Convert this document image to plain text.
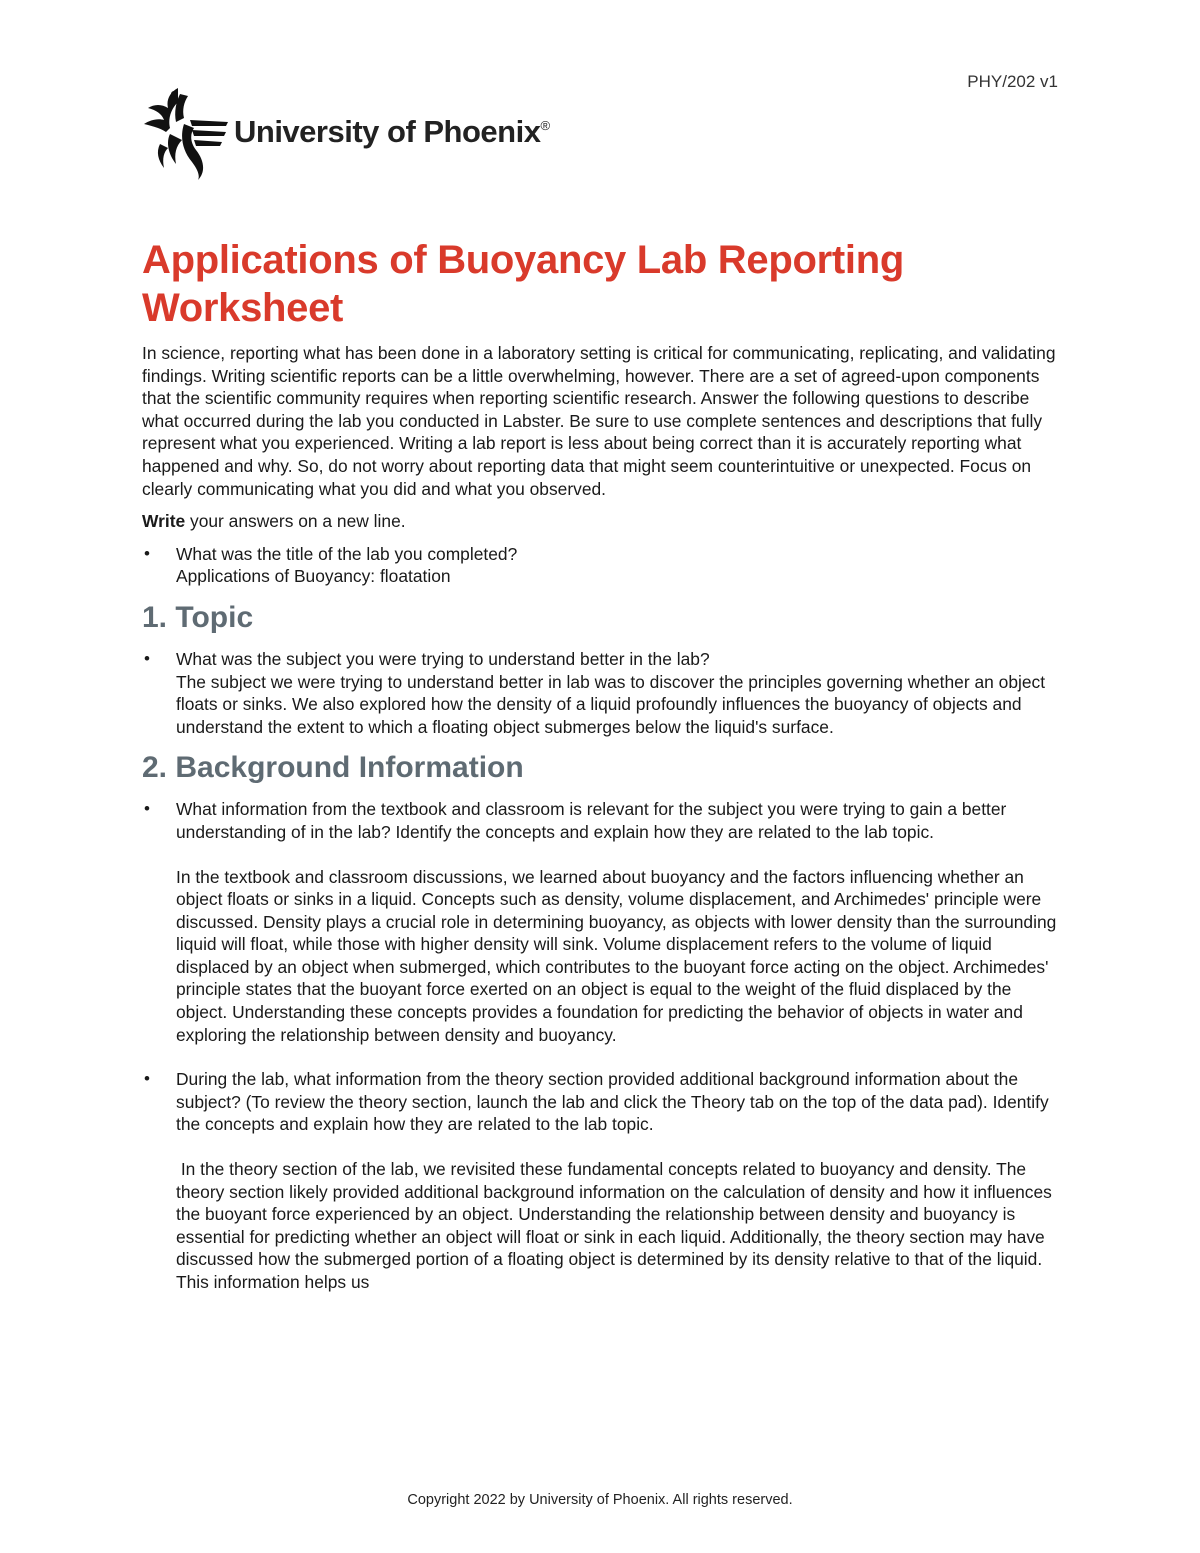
PHY/202 v1
University of Phoenix®
Applications of Buoyancy Lab Reporting Worksheet

In science, reporting what has been done in a laboratory setting is critical for communicating, replicating, and validating findings. Writing scientific reports can be a little overwhelming, however. There are a set of agreed-upon components that the scientific community requires when reporting scientific research. Answer the following questions to describe what occurred during the lab you conducted in Labster. Be sure to use complete sentences and descriptions that fully represent what you experienced. Writing a lab report is less about being correct than it is accurately reporting what happened and why. So, do not worry about reporting data that might seem counterintuitive or unexpected. Focus on clearly communicating what you did and what you observed.

Write your answers on a new line.

• What was the title of the lab you completed?

Applications of Buoyancy: floatation

1. Topic

• What was the subject you were trying to understand better in the lab?

The subject we were trying to understand better in lab was to discover the principles governing whether an object floats or sinks. We also explored how the density of a liquid profoundly influences the buoyancy of objects and understand the extent to which a floating object submerges below the liquid's surface.

2. Background Information

• What information from the textbook and classroom is relevant for the subject you were trying to gain a better understanding of in the lab? Identify the concepts and explain how they are related to the lab topic.

In the textbook and classroom discussions, we learned about buoyancy and the factors influencing whether an object floats or sinks in a liquid. Concepts such as density, volume displacement, and Archimedes' principle were discussed. Density plays a crucial role in determining buoyancy, as objects with lower density than the surrounding liquid will float, while those with higher density will sink. Volume displacement refers to the volume of liquid displaced by an object when submerged, which contributes to the buoyant force acting on the object. Archimedes' principle states that the buoyant force exerted on an object is equal to the weight of the fluid displaced by the object. Understanding these concepts provides a foundation for predicting the behavior of objects in water and exploring the relationship between density and buoyancy.

• During the lab, what information from the theory section provided additional background information about the subject? (To review the theory section, launch the lab and click the Theory tab on the top of the data pad). Identify the concepts and explain how they are related to the lab topic.

In the theory section of the lab, we revisited these fundamental concepts related to buoyancy and density. The theory section likely provided additional background information on the calculation of density and how it influences the buoyant force experienced by an object. Understanding the relationship between density and buoyancy is essential for predicting whether an object will float or sink in each liquid. Additionally, the theory section may have discussed how the submerged portion of a floating object is determined by its density relative to that of the liquid. This information helps us

Copyright 2022 by University of Phoenix. All rights reserved.
